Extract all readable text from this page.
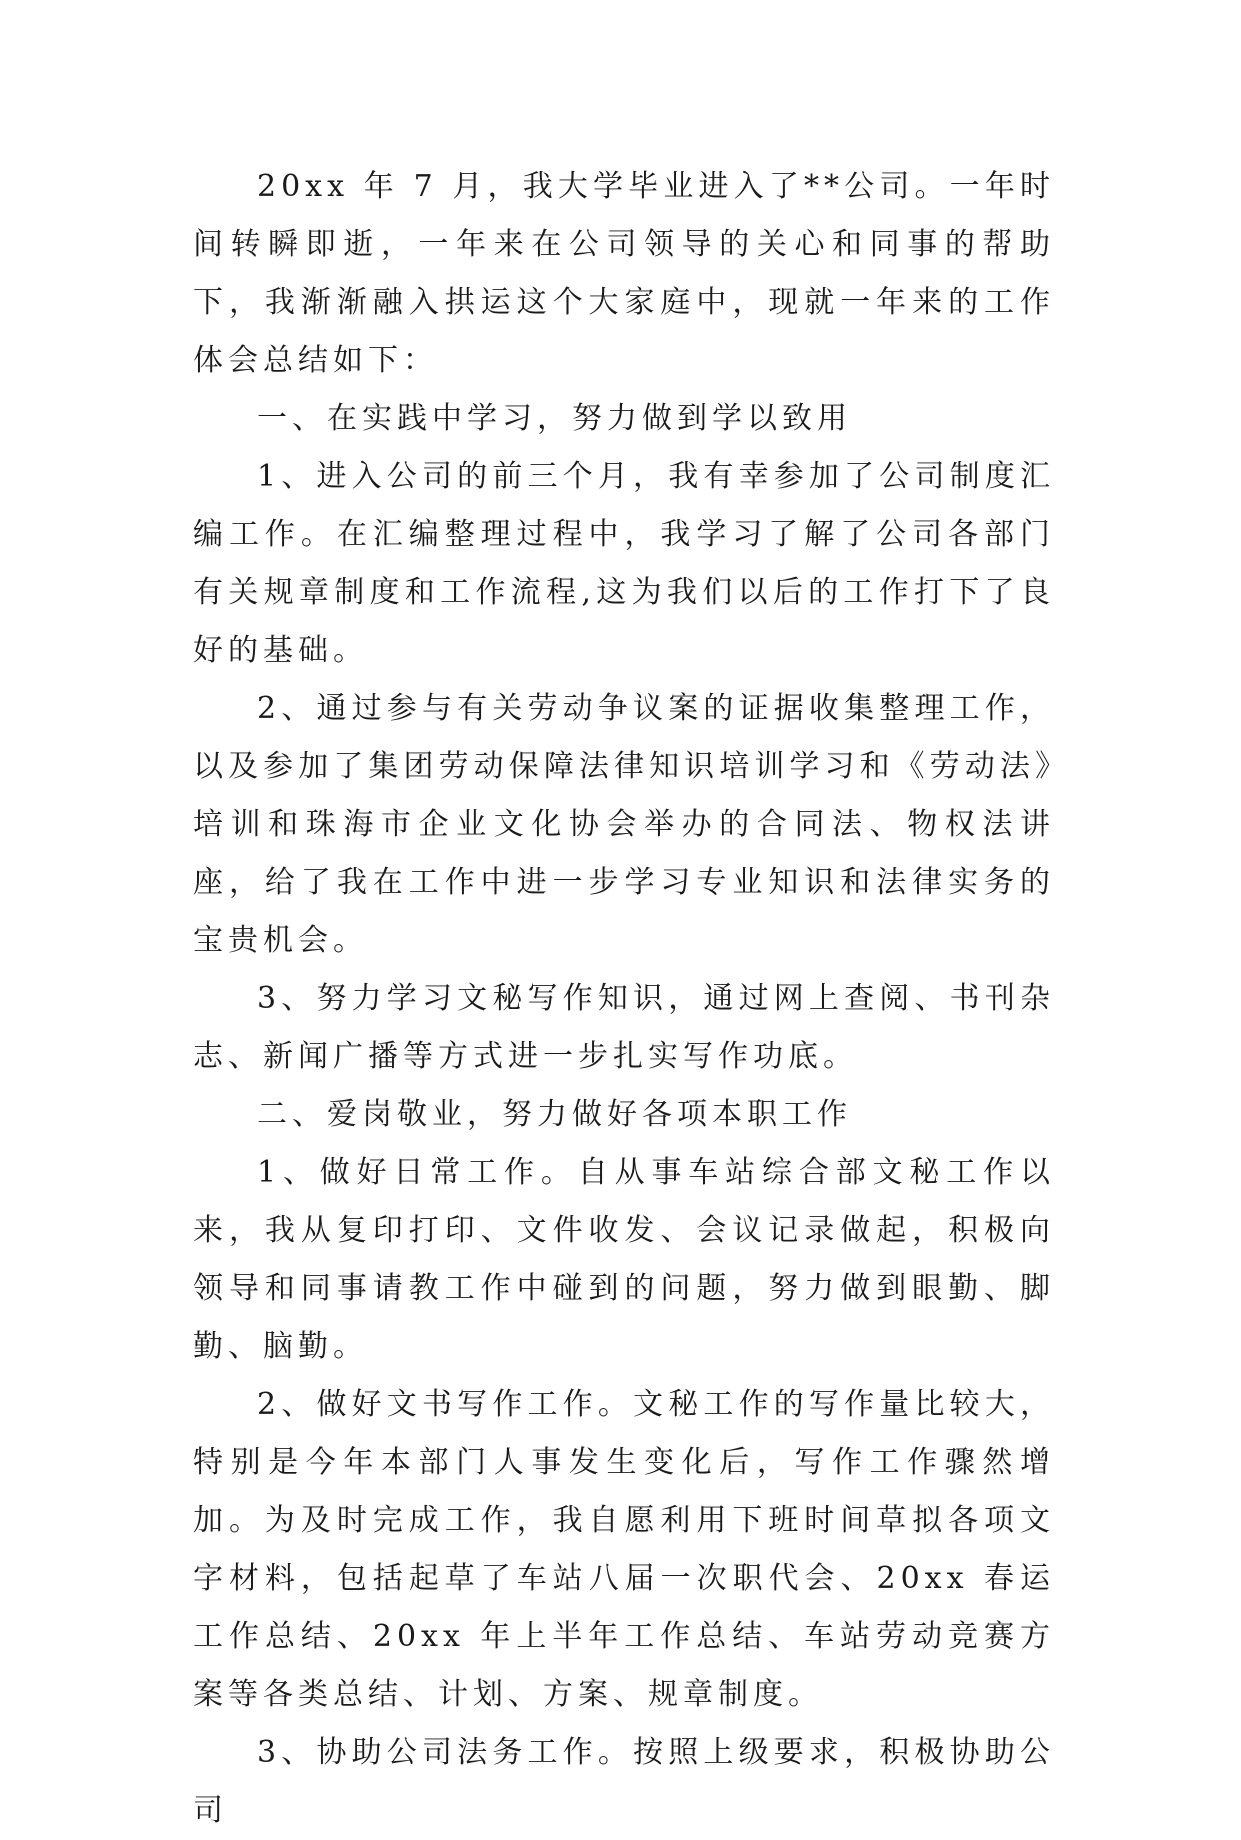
20xx 年 7 月，我大学毕业进入了**公司。一年时间转瞬即逝，一年来在公司领导的关心和同事的帮助下，我渐渐融入拱运这个大家庭中，现就一年来的工作体会总结如下：

一、在实践中学习，努力做到学以致用

1、进入公司的前三个月，我有幸参加了公司制度汇编工作。在汇编整理过程中，我学习了解了公司各部门有关规章制度和工作流程,这为我们以后的工作打下了良好的基础。

2、通过参与有关劳动争议案的证据收集整理工作，以及参加了集团劳动保障法律知识培训学习和《劳动法》培训和珠海市企业文化协会举办的合同法、物权法讲座，给了我在工作中进一步学习专业知识和法律实务的宝贵机会。

3、努力学习文秘写作知识，通过网上查阅、书刊杂志、新闻广播等方式进一步扎实写作功底。

二、爱岗敬业，努力做好各项本职工作

1、做好日常工作。自从事车站综合部文秘工作以来，我从复印打印、文件收发、会议记录做起，积极向领导和同事请教工作中碰到的问题，努力做到眼勤、脚勤、脑勤。

2、做好文书写作工作。文秘工作的写作量比较大，特别是今年本部门人事发生变化后，写作工作骤然增加。为及时完成工作，我自愿利用下班时间草拟各项文字材料，包括起草了车站八届一次职代会、20xx 春运工作总结、20xx 年上半年工作总结、车站劳动竞赛方案等各类总结、计划、方案、规章制度。

3、协助公司法务工作。按照上级要求，积极协助公司
